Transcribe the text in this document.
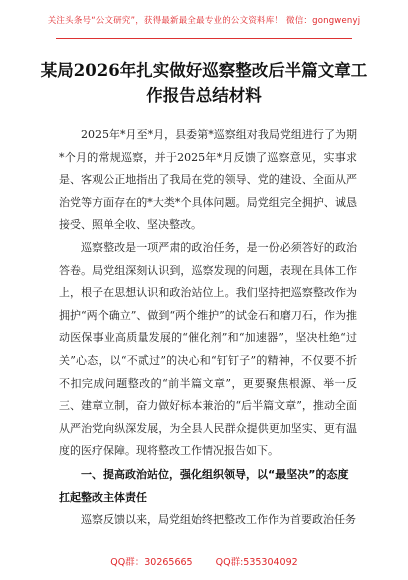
关注头条号“公文研究”，获得最新最全最专业的公文资料库！ 微信：gongwenyj
某局2026年扎实做好巡察整改后半篇文章工作报告总结材料

2025年*月至*月，县委第*巡察组对我局党组进行了为期*个月的常规巡察，并于2025年*月反馈了巡察意见，实事求是、客观公正地指出了我局在党的领导、党的建设、全面从严治党等方面存在的*大类*个具体问题。局党组完全拥护、诚恳接受、照单全收、坚决整改。

巡察整改是一项严肃的政治任务，是一份必须答好的政治答卷。局党组深刻认识到，巡察发现的问题，表现在具体工作上，根子在思想认识和政治站位上。我们坚持把巡察整改作为拥护“两个确立”、做到“两个维护”的试金石和磨刀石，作为推动医保事业高质量发展的“催化剂”和“加速器”，坚决杜绝“过关”心态，以“不贰过”的决心和“钉钉子”的精神，不仅要不折不扣完成问题整改的“前半篇文章”，更要聚焦根源、举一反三、建章立制，奋力做好标本兼治的“后半篇文章”，推动全面从严治党向纵深发展，为全县人民群众提供更加坚实、更有温度的医疗保障。现将整改工作情况报告如下。

一、提高政治站位，强化组织领导，以“最坚决”的态度扛起整改主体责任

巡察反馈以来，局党组始终把整改工作作为首要政治任务

QQ群：30265665 QQ群:535304092
